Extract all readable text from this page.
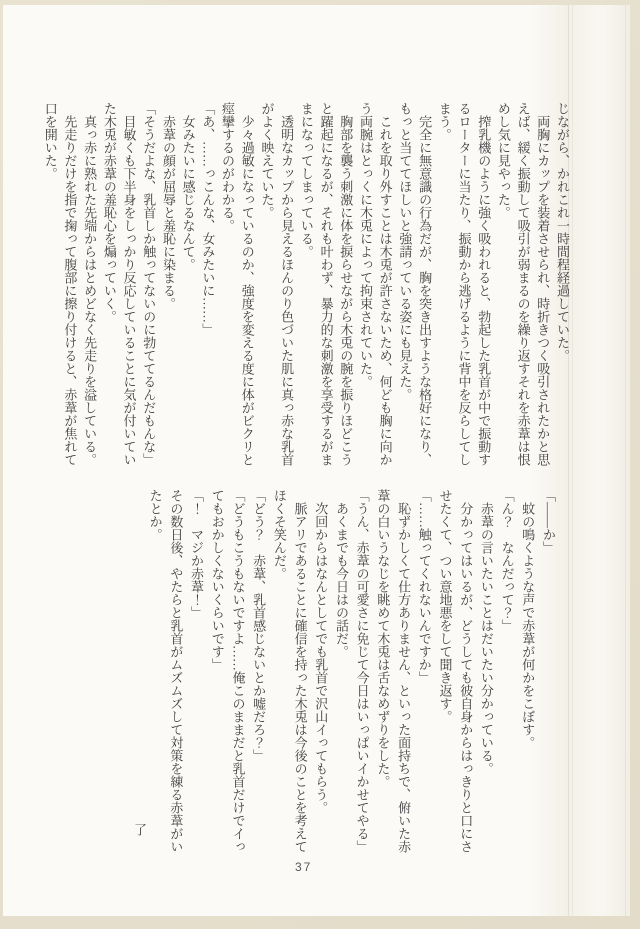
じながら、かれこれ一時間程経過していた。
両胸にカップを装着させられ、時折きつく吸引されたかと思
えば、緩く振動して吸引が弱まるのを繰り返すそれを赤葦は恨
めし気に見やった。
搾乳機のように強く吸われると、勃起した乳首が中で振動す
るローターに当たり、振動から逃げるように背中を反らしてし
まう。
完全に無意識の行為だが、胸を突き出すような格好になり、
もっと当ててほしいと強請っている姿にも見えた。
これを取り外すことは木兎が許さないため、何ども胸に向か
う両腕はとっくに木兎によって拘束されていた。
胸部を襲う刺激に体を捩らせながら木兎の腕を振りほどこう
と躍起になるが、それも叶わず、暴力的な刺激を享受するがま
まになってしまっている。
透明なカップから見えるほんのり色づいた肌に真っ赤な乳首
がよく映えていた。
少々過敏になっているのか、強度を変える度に体がビクリと
痙攣するのがわかる。
「あ、……っこんな、女みたいに……」
女みたいに感じるなんて。
赤葦の顔が屈辱と羞恥に染まる。
「そうだよな、乳首しか触ってないのに勃ててるんだもんな」
目敏くも下半身をしっかり反応していることに気が付いてい
た木兎が赤葦の羞恥心を煽っていく。
真っ赤に熟れた先端からはとめどなく先走りを溢している。
先走りだけを指で掬って腹部に擦り付けると、赤葦が焦れて
口を開いた。
「――か」
蚊の鳴くような声で赤葦が何かをこぼす。
「ん？　なんだって？」
赤葦の言いたいことはだいたい分かっている。
分かってはいるが、どうしても彼自身からはっきりと口にさ
せたくて、つい意地悪をして聞き返す。
「……触ってくれないんですか」
恥ずかしくて仕方ありません、といった面持ちで、俯いた赤
葦の白いうなじを眺めて木兎は舌なめずりをした。
「うん、赤葦の可愛さに免じて今日はいっぱいイかせてやる」
あくまでも今日はの話だ。
次回からはなんとしてでも乳首で沢山イってもらう。
脈アリであることに確信を持った木兎は今後のことを考えて
ほくそ笑んだ。
「どう？　赤葦、乳首感じないとか嘘だろ？」
「どうもこうもないですよ……俺このままだと乳首だけでイっ
てもおかしくないくらいです」
「！　マジか赤葦！」
その数日後、やたらと乳首がムズムズして対策を練る赤葦がい
たとか。
了
37
